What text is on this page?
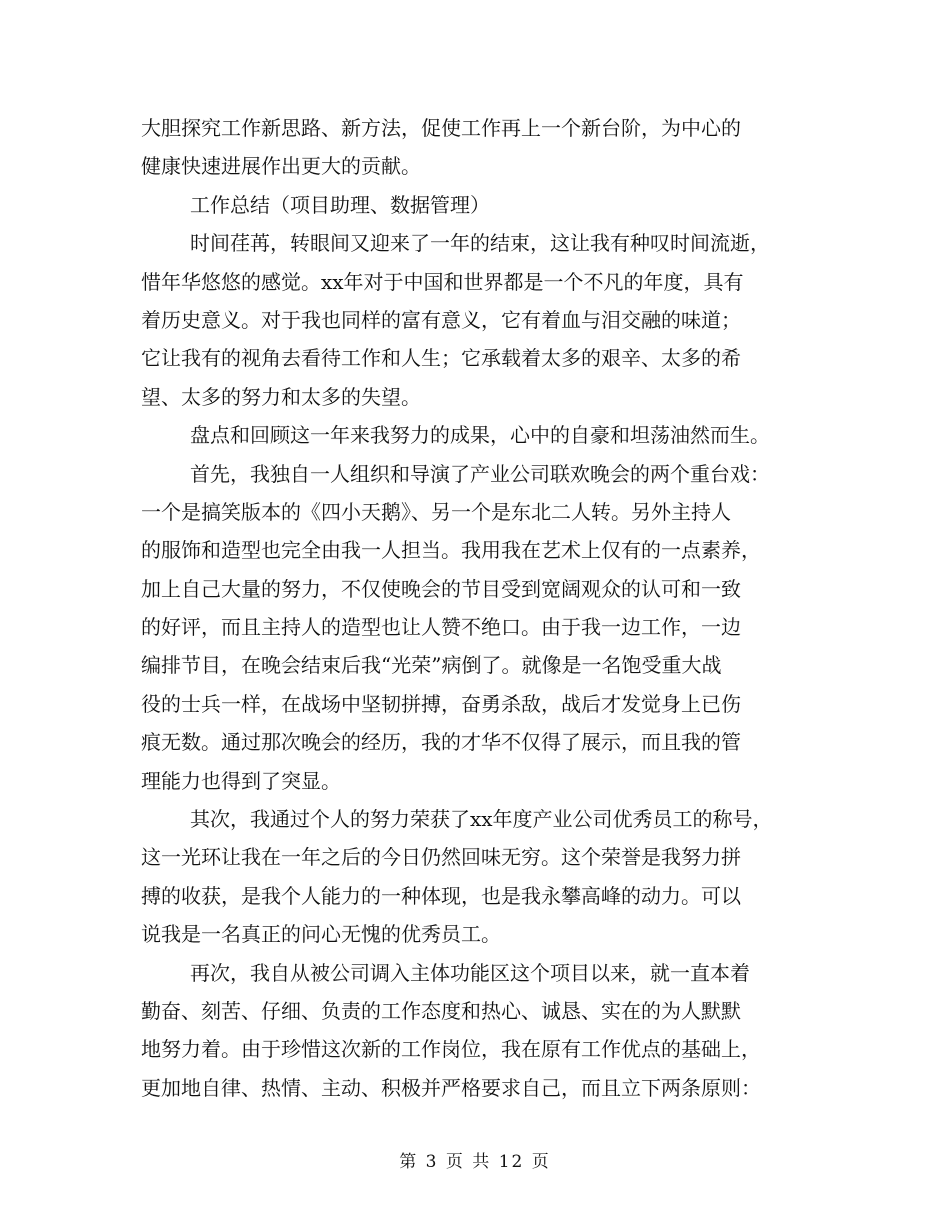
大胆探究工作新思路、新方法，促使工作再上一个新台阶，为中心的
健康快速进展作出更大的贡献。
工作总结（项目助理、数据管理）
时间荏苒，转眼间又迎来了一年的结束，这让我有种叹时间流逝，
惜年华悠悠的感觉。xx年对于中国和世界都是一个不凡的年度，具有
着历史意义。对于我也同样的富有意义，它有着血与泪交融的味道；
它让我有的视角去看待工作和人生；它承载着太多的艰辛、太多的希
望、太多的努力和太多的失望。
盘点和回顾这一年来我努力的成果，心中的自豪和坦荡油然而生。
首先，我独自一人组织和导演了产业公司联欢晚会的两个重台戏：
一个是搞笑版本的《四小天鹅》、另一个是东北二人转。另外主持人
的服饰和造型也完全由我一人担当。我用我在艺术上仅有的一点素养，
加上自己大量的努力，不仅使晚会的节目受到宽阔观众的认可和一致
的好评，而且主持人的造型也让人赞不绝口。由于我一边工作，一边
编排节目，在晚会结束后我“光荣”病倒了。就像是一名饱受重大战
役的士兵一样，在战场中坚韧拼搏，奋勇杀敌，战后才发觉身上已伤
痕无数。通过那次晚会的经历，我的才华不仅得了展示，而且我的管
理能力也得到了突显。
其次，我通过个人的努力荣获了xx年度产业公司优秀员工的称号，
这一光环让我在一年之后的今日仍然回味无穷。这个荣誉是我努力拼
搏的收获，是我个人能力的一种体现，也是我永攀高峰的动力。可以
说我是一名真正的问心无愧的优秀员工。
再次，我自从被公司调入主体功能区这个项目以来，就一直本着
勤奋、刻苦、仔细、负责的工作态度和热心、诚恳、实在的为人默默
地努力着。由于珍惜这次新的工作岗位，我在原有工作优点的基础上，
更加地自律、热情、主动、积极并严格要求自己，而且立下两条原则：
第 3 页 共 12 页
